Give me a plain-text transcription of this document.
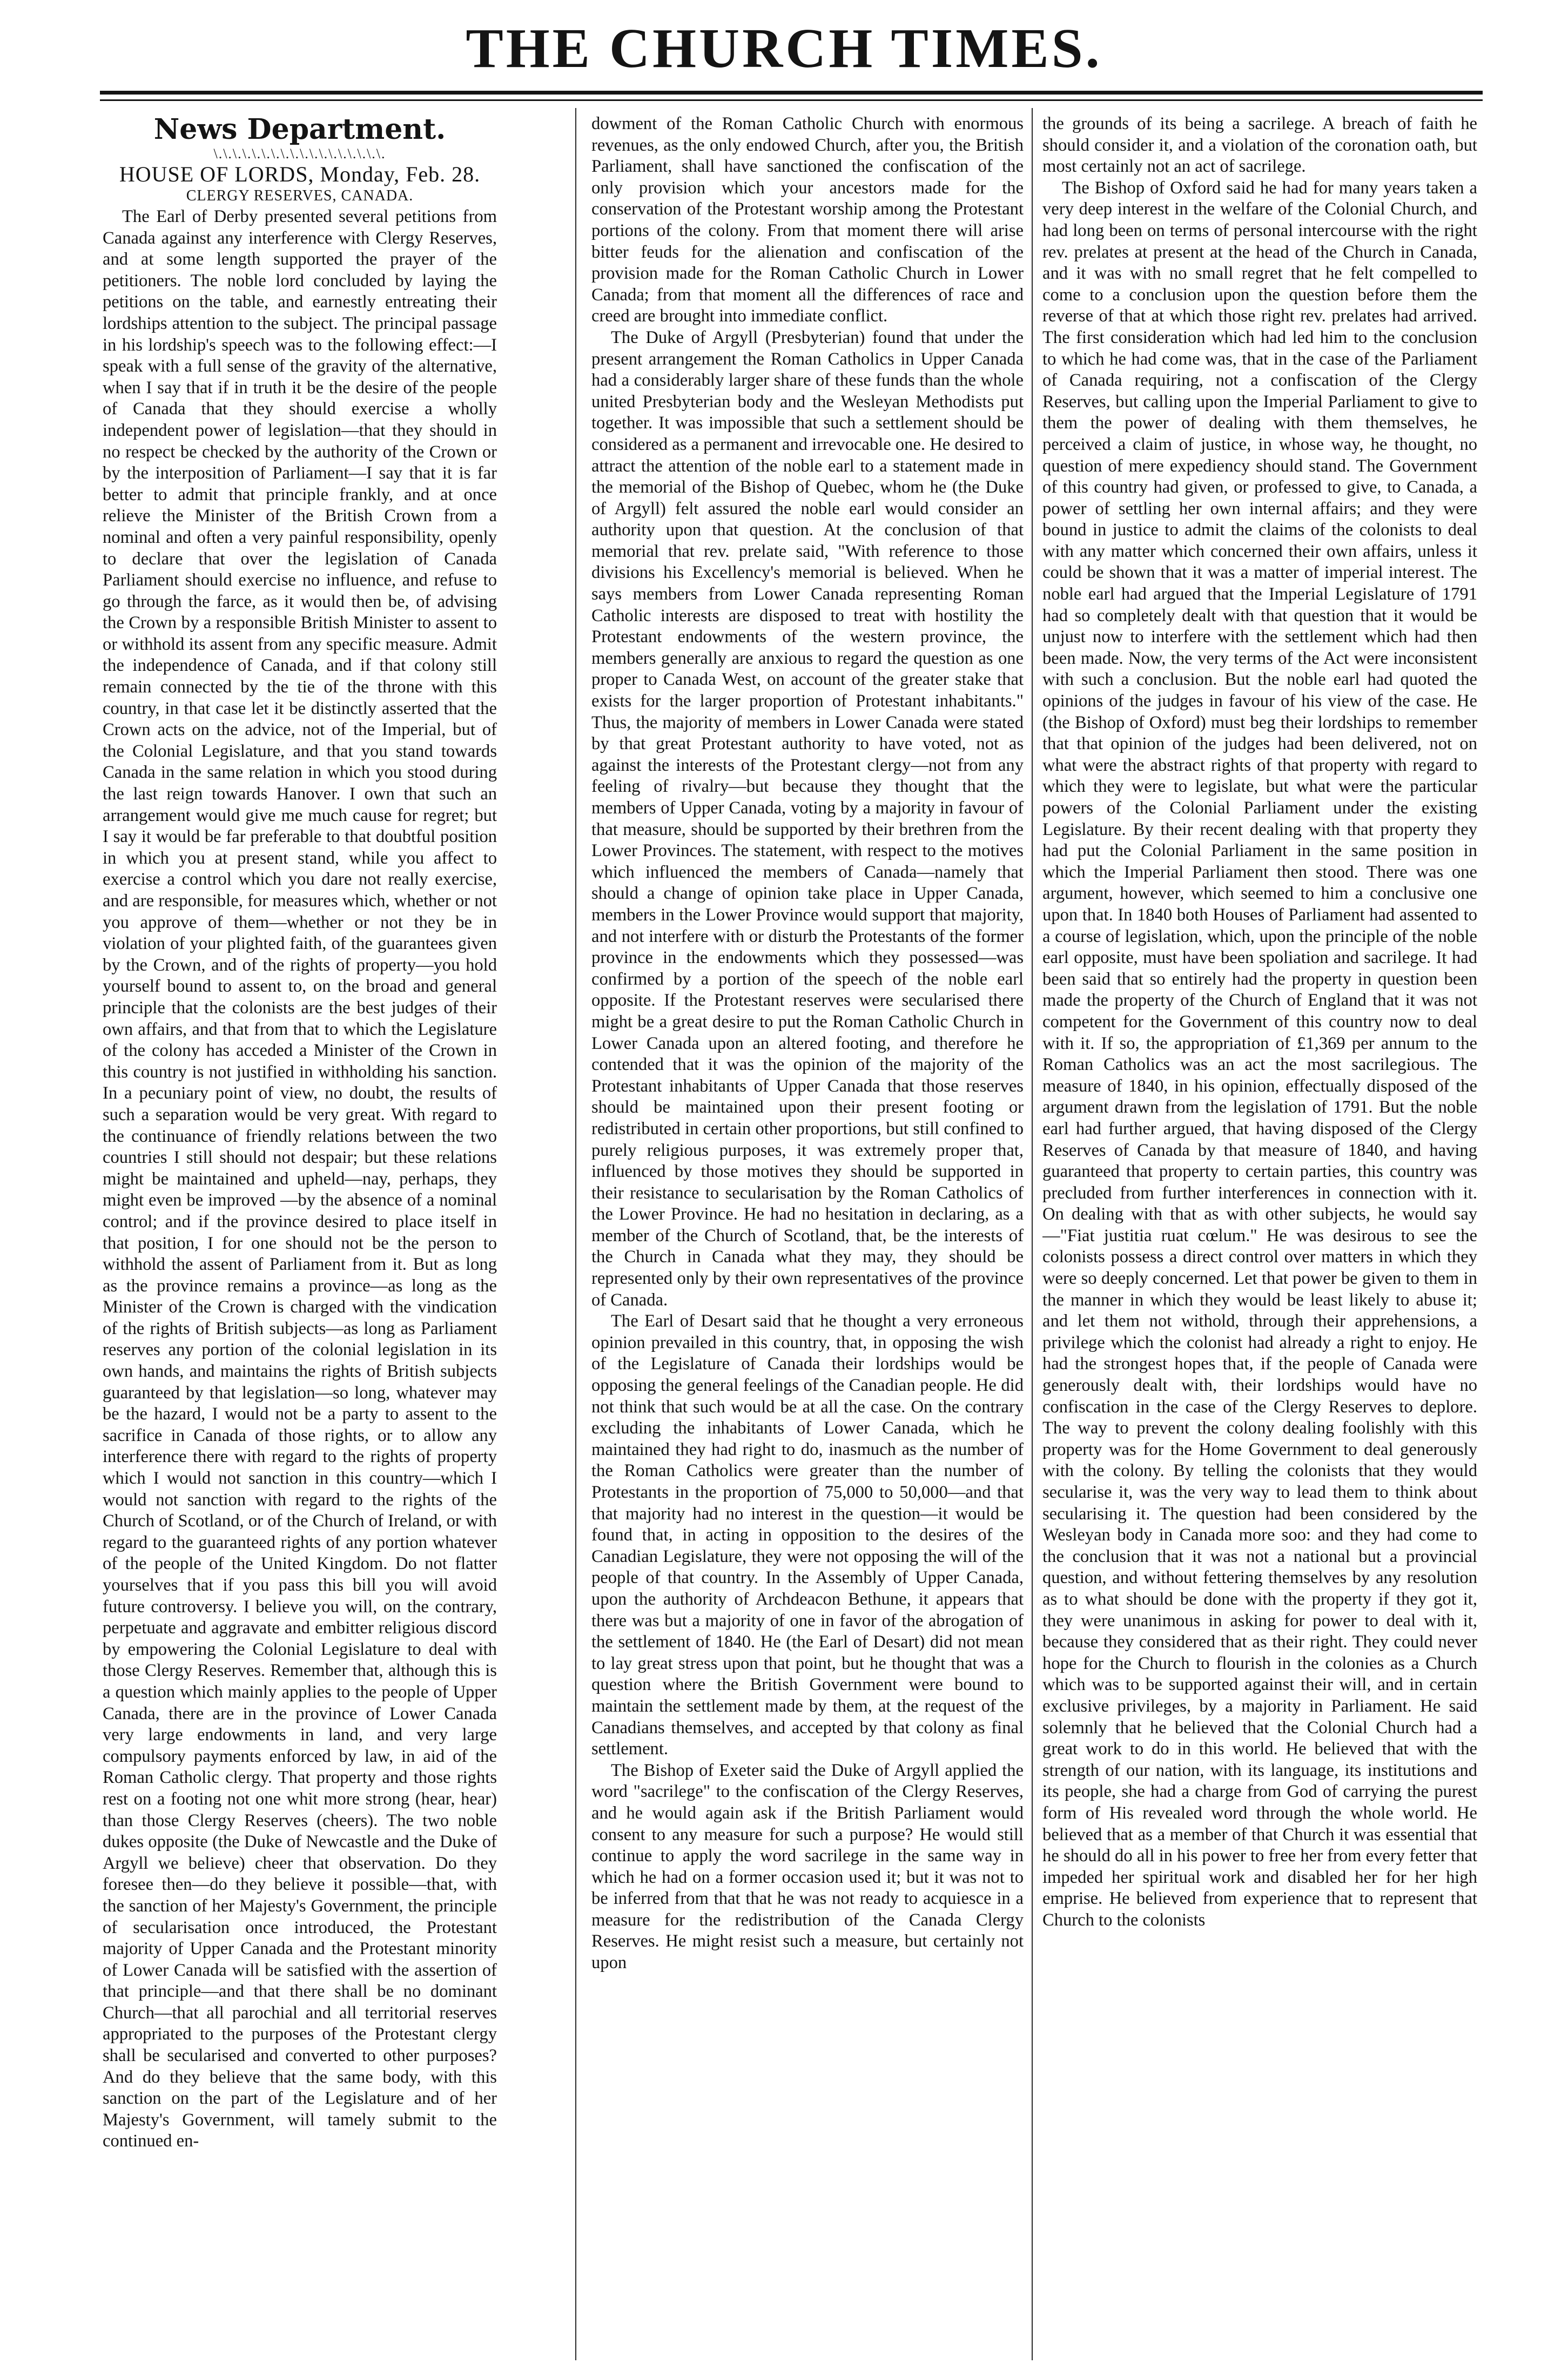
THE CHURCH TIMES.

News Department.

\.\.\.\.\.\.\.\.\.\.\.\.\.\.\.\.\.\.

HOUSE OF LORDS, Monday, Feb. 28.

CLERGY RESERVES, CANADA.

The Earl of Derby presented several petitions from Canada against any interference with Clergy Reserves, and at some length supported the prayer of the petitioners. The noble lord concluded by laying the petitions on the table, and earnestly entreating their lordships attention to the subject. The principal passage in his lordship's speech was to the following effect:—I speak with a full sense of the gravity of the alternative, when I say that if in truth it be the desire of the people of Canada that they should exercise a wholly independent power of legislation—that they should in no respect be checked by the authority of the Crown or by the interposition of Parliament—I say that it is far better to admit that principle frankly, and at once relieve the Minister of the British Crown from a nominal and often a very painful responsibility, openly to declare that over the legislation of Canada Parliament should exercise no influence, and refuse to go through the farce, as it would then be, of advising the Crown by a responsible British Minister to assent to or withhold its assent from any specific measure. Admit the independence of Canada, and if that colony still remain connected by the tie of the throne with this country, in that case let it be distinctly asserted that the Crown acts on the advice, not of the Imperial, but of the Colonial Legislature, and that you stand towards Canada in the same relation in which you stood during the last reign towards Hanover. I own that such an arrangement would give me much cause for regret; but I say it would be far preferable to that doubtful position in which you at present stand, while you affect to exercise a control which you dare not really exercise, and are responsible, for measures which, whether or not you approve of them—whether or not they be in violation of your plighted faith, of the guarantees given by the Crown, and of the rights of property—you hold yourself bound to assent to, on the broad and general principle that the colonists are the best judges of their own affairs, and that from that to which the Legislature of the colony has acceded a Minister of the Crown in this country is not justified in withholding his sanction. In a pecuniary point of view, no doubt, the results of such a separation would be very great. With regard to the continuance of friendly relations between the two countries I still should not despair; but these relations might be maintained and upheld—nay, perhaps, they might even be improved —by the absence of a nominal control; and if the province desired to place itself in that position, I for one should not be the person to withhold the assent of Parliament from it. But as long as the province remains a province—as long as the Minister of the Crown is charged with the vindication of the rights of British subjects—as long as Parliament reserves any portion of the colonial legislation in its own hands, and maintains the rights of British subjects guaranteed by that legislation—so long, whatever may be the hazard, I would not be a party to assent to the sacrifice in Canada of those rights, or to allow any interference there with regard to the rights of property which I would not sanction in this country—which I would not sanction with regard to the rights of the Church of Scotland, or of the Church of Ireland, or with regard to the guaranteed rights of any portion whatever of the people of the United Kingdom. Do not flatter yourselves that if you pass this bill you will avoid future controversy. I believe you will, on the contrary, perpetuate and aggravate and embitter religious discord by empowering the Colonial Legislature to deal with those Clergy Reserves. Remember that, although this is a question which mainly applies to the people of Upper Canada, there are in the province of Lower Canada very large endowments in land, and very large compulsory payments enforced by law, in aid of the Roman Catholic clergy. That property and those rights rest on a footing not one whit more strong (hear, hear) than those Clergy Reserves (cheers). The two noble dukes opposite (the Duke of Newcastle and the Duke of Argyll we believe) cheer that observation. Do they foresee then—do they believe it possible—that, with the sanction of her Majesty's Government, the principle of secularisation once introduced, the Protestant majority of Upper Canada and the Protestant minority of Lower Canada will be satisfied with the assertion of that principle—and that there shall be no dominant Church—that all parochial and all territorial reserves appropriated to the purposes of the Protestant clergy shall be secularised and converted to other purposes? And do they believe that the same body, with this sanction on the part of the Legislature and of her Majesty's Government, will tamely submit to the continued en-

dowment of the Roman Catholic Church with enormous revenues, as the only endowed Church, after you, the British Parliament, shall have sanctioned the confiscation of the only provision which your ancestors made for the conservation of the Protestant worship among the Protestant portions of the colony. From that moment there will arise bitter feuds for the alienation and confiscation of the provision made for the Roman Catholic Church in Lower Canada; from that moment all the differences of race and creed are brought into immediate conflict.

The Duke of Argyll (Presbyterian) found that under the present arrangement the Roman Catholics in Upper Canada had a considerably larger share of these funds than the whole united Presbyterian body and the Wesleyan Methodists put together. It was impossible that such a settlement should be considered as a permanent and irrevocable one. He desired to attract the attention of the noble earl to a statement made in the memorial of the Bishop of Quebec, whom he (the Duke of Argyll) felt assured the noble earl would consider an authority upon that question. At the conclusion of that memorial that rev. prelate said, "With reference to those divisions his Excellency's memorial is believed. When he says members from Lower Canada representing Roman Catholic interests are disposed to treat with hostility the Protestant endowments of the western province, the members generally are anxious to regard the question as one proper to Canada West, on account of the greater stake that exists for the larger proportion of Protestant inhabitants." Thus, the majority of members in Lower Canada were stated by that great Protestant authority to have voted, not as against the interests of the Protestant clergy—not from any feeling of rivalry—but because they thought that the members of Upper Canada, voting by a majority in favour of that measure, should be supported by their brethren from the Lower Provinces. The statement, with respect to the motives which influenced the members of Canada—namely that should a change of opinion take place in Upper Canada, members in the Lower Province would support that majority, and not interfere with or disturb the Protestants of the former province in the endowments which they possessed—was confirmed by a portion of the speech of the noble earl opposite. If the Protestant reserves were secularised there might be a great desire to put the Roman Catholic Church in Lower Canada upon an altered footing, and therefore he contended that it was the opinion of the majority of the Protestant inhabitants of Upper Canada that those reserves should be maintained upon their present footing or redistributed in certain other proportions, but still confined to purely religious purposes, it was extremely proper that, influenced by those motives they should be supported in their resistance to secularisation by the Roman Catholics of the Lower Province. He had no hesitation in declaring, as a member of the Church of Scotland, that, be the interests of the Church in Canada what they may, they should be represented only by their own representatives of the province of Canada.

The Earl of Desart said that he thought a very erroneous opinion prevailed in this country, that, in opposing the wish of the Legislature of Canada their lordships would be opposing the general feelings of the Canadian people. He did not think that such would be at all the case. On the contrary excluding the inhabitants of Lower Canada, which he maintained they had right to do, inasmuch as the number of the Roman Catholics were greater than the number of Protestants in the proportion of 75,000 to 50,000—and that that majority had no interest in the question—it would be found that, in acting in opposition to the desires of the Canadian Legislature, they were not opposing the will of the people of that country. In the Assembly of Upper Canada, upon the authority of Archdeacon Bethune, it appears that there was but a majority of one in favor of the abrogation of the settlement of 1840. He (the Earl of Desart) did not mean to lay great stress upon that point, but he thought that was a question where the British Government were bound to maintain the settlement made by them, at the request of the Canadians themselves, and accepted by that colony as final settlement.

The Bishop of Exeter said the Duke of Argyll applied the word "sacrilege" to the confiscation of the Clergy Reserves, and he would again ask if the British Parliament would consent to any measure for such a purpose? He would still continue to apply the word sacrilege in the same way in which he had on a former occasion used it; but it was not to be inferred from that that he was not ready to acquiesce in a measure for the redistribution of the Canada Clergy Reserves. He might resist such a measure, but certainly not upon

the grounds of its being a sacrilege. A breach of faith he should consider it, and a violation of the coronation oath, but most certainly not an act of sacrilege.

The Bishop of Oxford said he had for many years taken a very deep interest in the welfare of the Colonial Church, and had long been on terms of personal intercourse with the right rev. prelates at present at the head of the Church in Canada, and it was with no small regret that he felt compelled to come to a conclusion upon the question before them the reverse of that at which those right rev. prelates had arrived. The first consideration which had led him to the conclusion to which he had come was, that in the case of the Parliament of Canada requiring, not a confiscation of the Clergy Reserves, but calling upon the Imperial Parliament to give to them the power of dealing with them themselves, he perceived a claim of justice, in whose way, he thought, no question of mere expediency should stand. The Government of this country had given, or professed to give, to Canada, a power of settling her own internal affairs; and they were bound in justice to admit the claims of the colonists to deal with any matter which concerned their own affairs, unless it could be shown that it was a matter of imperial interest. The noble earl had argued that the Imperial Legislature of 1791 had so completely dealt with that question that it would be unjust now to interfere with the settlement which had then been made. Now, the very terms of the Act were inconsistent with such a conclusion. But the noble earl had quoted the opinions of the judges in favour of his view of the case. He (the Bishop of Oxford) must beg their lordships to remember that that opinion of the judges had been delivered, not on what were the abstract rights of that property with regard to which they were to legislate, but what were the particular powers of the Colonial Parliament under the existing Legislature. By their recent dealing with that property they had put the Colonial Parliament in the same position in which the Imperial Parliament then stood. There was one argument, however, which seemed to him a conclusive one upon that. In 1840 both Houses of Parliament had assented to a course of legislation, which, upon the principle of the noble earl opposite, must have been spoliation and sacrilege. It had been said that so entirely had the property in question been made the property of the Church of England that it was not competent for the Government of this country now to deal with it. If so, the appropriation of £1,369 per annum to the Roman Catholics was an act the most sacrilegious. The measure of 1840, in his opinion, effectually disposed of the argument drawn from the legislation of 1791. But the noble earl had further argued, that having disposed of the Clergy Reserves of Canada by that measure of 1840, and having guaranteed that property to certain parties, this country was precluded from further interferences in connection with it. On dealing with that as with other subjects, he would say—"Fiat justitia ruat cœlum." He was desirous to see the colonists possess a direct control over matters in which they were so deeply concerned. Let that power be given to them in the manner in which they would be least likely to abuse it; and let them not withold, through their apprehensions, a privilege which the colonist had already a right to enjoy. He had the strongest hopes that, if the people of Canada were generously dealt with, their lordships would have no confiscation in the case of the Clergy Reserves to deplore. The way to prevent the colony dealing foolishly with this property was for the Home Government to deal generously with the colony. By telling the colonists that they would secularise it, was the very way to lead them to think about secularising it. The question had been considered by the Wesleyan body in Canada more soo: and they had come to the conclusion that it was not a national but a provincial question, and without fettering themselves by any resolution as to what should be done with the property if they got it, they were unanimous in asking for power to deal with it, because they considered that as their right. They could never hope for the Church to flourish in the colonies as a Church which was to be supported against their will, and in certain exclusive privileges, by a majority in Parliament. He said solemnly that he believed that the Colonial Church had a great work to do in this world. He believed that with the strength of our nation, with its language, its institutions and its people, she had a charge from God of carrying the purest form of His revealed word through the whole world. He believed that as a member of that Church it was essential that he should do all in his power to free her from every fetter that impeded her spiritual work and disabled her for her high emprise. He believed from experience that to represent that Church to the colonists
